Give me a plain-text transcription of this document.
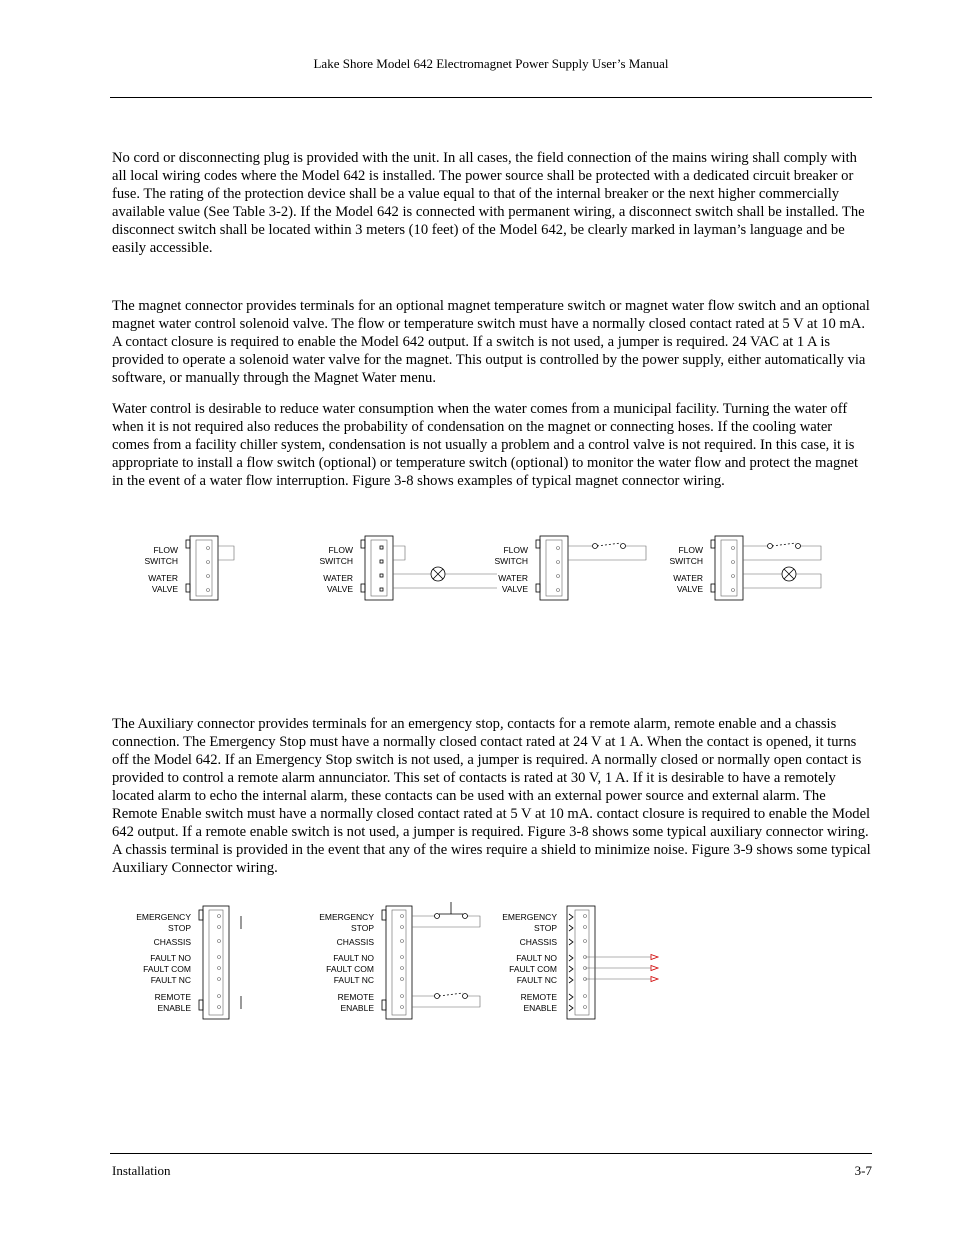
Lake Shore Model 642 Electromagnet Power Supply User’s Manual

No cord or disconnecting plug is provided with the unit. In all cases, the field connection of the mains wiring shall comply with all local wiring codes where the Model 642 is installed. The power source shall be protected with a dedicated circuit breaker or fuse. The rating of the protection device shall be a value equal to that of the internal breaker or the next higher commercially available value (See Table 3-2). If the Model 642 is connected with permanent wiring, a disconnect switch shall be installed. The disconnect switch shall be located within 3 meters (10 feet) of the Model 642, be clearly marked in layman’s language and be easily accessible.

The magnet connector provides terminals for an optional magnet temperature switch or magnet water flow switch and an optional magnet water control solenoid valve. The flow or temperature switch must have a normally closed contact rated at 5 V at 10 mA. A contact closure is required to enable the Model 642 output. If a switch is not used, a jumper is required. 24 VAC at 1 A is provided to operate a solenoid water valve for the magnet. This output is controlled by the power supply, either automatically via software, or manually through the Magnet Water menu.

Water control is desirable to reduce water consumption when the water comes from a municipal facility. Turning the water off when it is not required also reduces the probability of condensation on the magnet or connecting hoses. If the cooling water comes from a facility chiller system, condensation is not usually a problem and a control valve is not required. In this case, it is appropriate to install a flow switch (optional) or temperature switch (optional) to monitor the water flow and protect the magnet in the event of a water flow interruption. Figure 3-8 shows examples of typical magnet connector wiring.

FLOW
SWITCH
WATER
VALVE
FLOW
SWITCH
WATER
VALVE
FLOW
SWITCH
WATER
VALVE
FLOW
SWITCH
WATER
VALVE

The Auxiliary connector provides terminals for an emergency stop, contacts for a remote alarm, remote enable and a chassis connection. The Emergency Stop must have a normally closed contact rated at 24 V at 1 A. When the contact is opened, it turns off the Model 642. If an Emergency Stop switch is not used, a jumper is required. A normally closed or normally open contact is provided to control a remote alarm annunciator. This set of contacts is rated at 30 V, 1 A. If it is desirable to have a remotely located alarm to echo the internal alarm, these contacts can be used with an external power source and external alarm. The Remote Enable switch must have a normally closed contact rated at 5 V at 10 mA. contact closure is required to enable the Model 642 output. If a remote enable switch is not used, a jumper is required. Figure 3-8 shows some typical auxiliary connector wiring. A chassis terminal is provided in the event that any of the wires require a shield to minimize noise. Figure 3-9 shows some typical Auxiliary Connector wiring.

EMERGENCY
STOP
CHASSIS
FAULT NO
FAULT COM
FAULT NC
REMOTE
ENABLE
EMERGENCY
STOP
CHASSIS
FAULT NO
FAULT COM
FAULT NC
REMOTE
ENABLE
EMERGENCY
STOP
CHASSIS
FAULT NO
FAULT COM
FAULT NC
REMOTE
ENABLE
Installation	3-7
